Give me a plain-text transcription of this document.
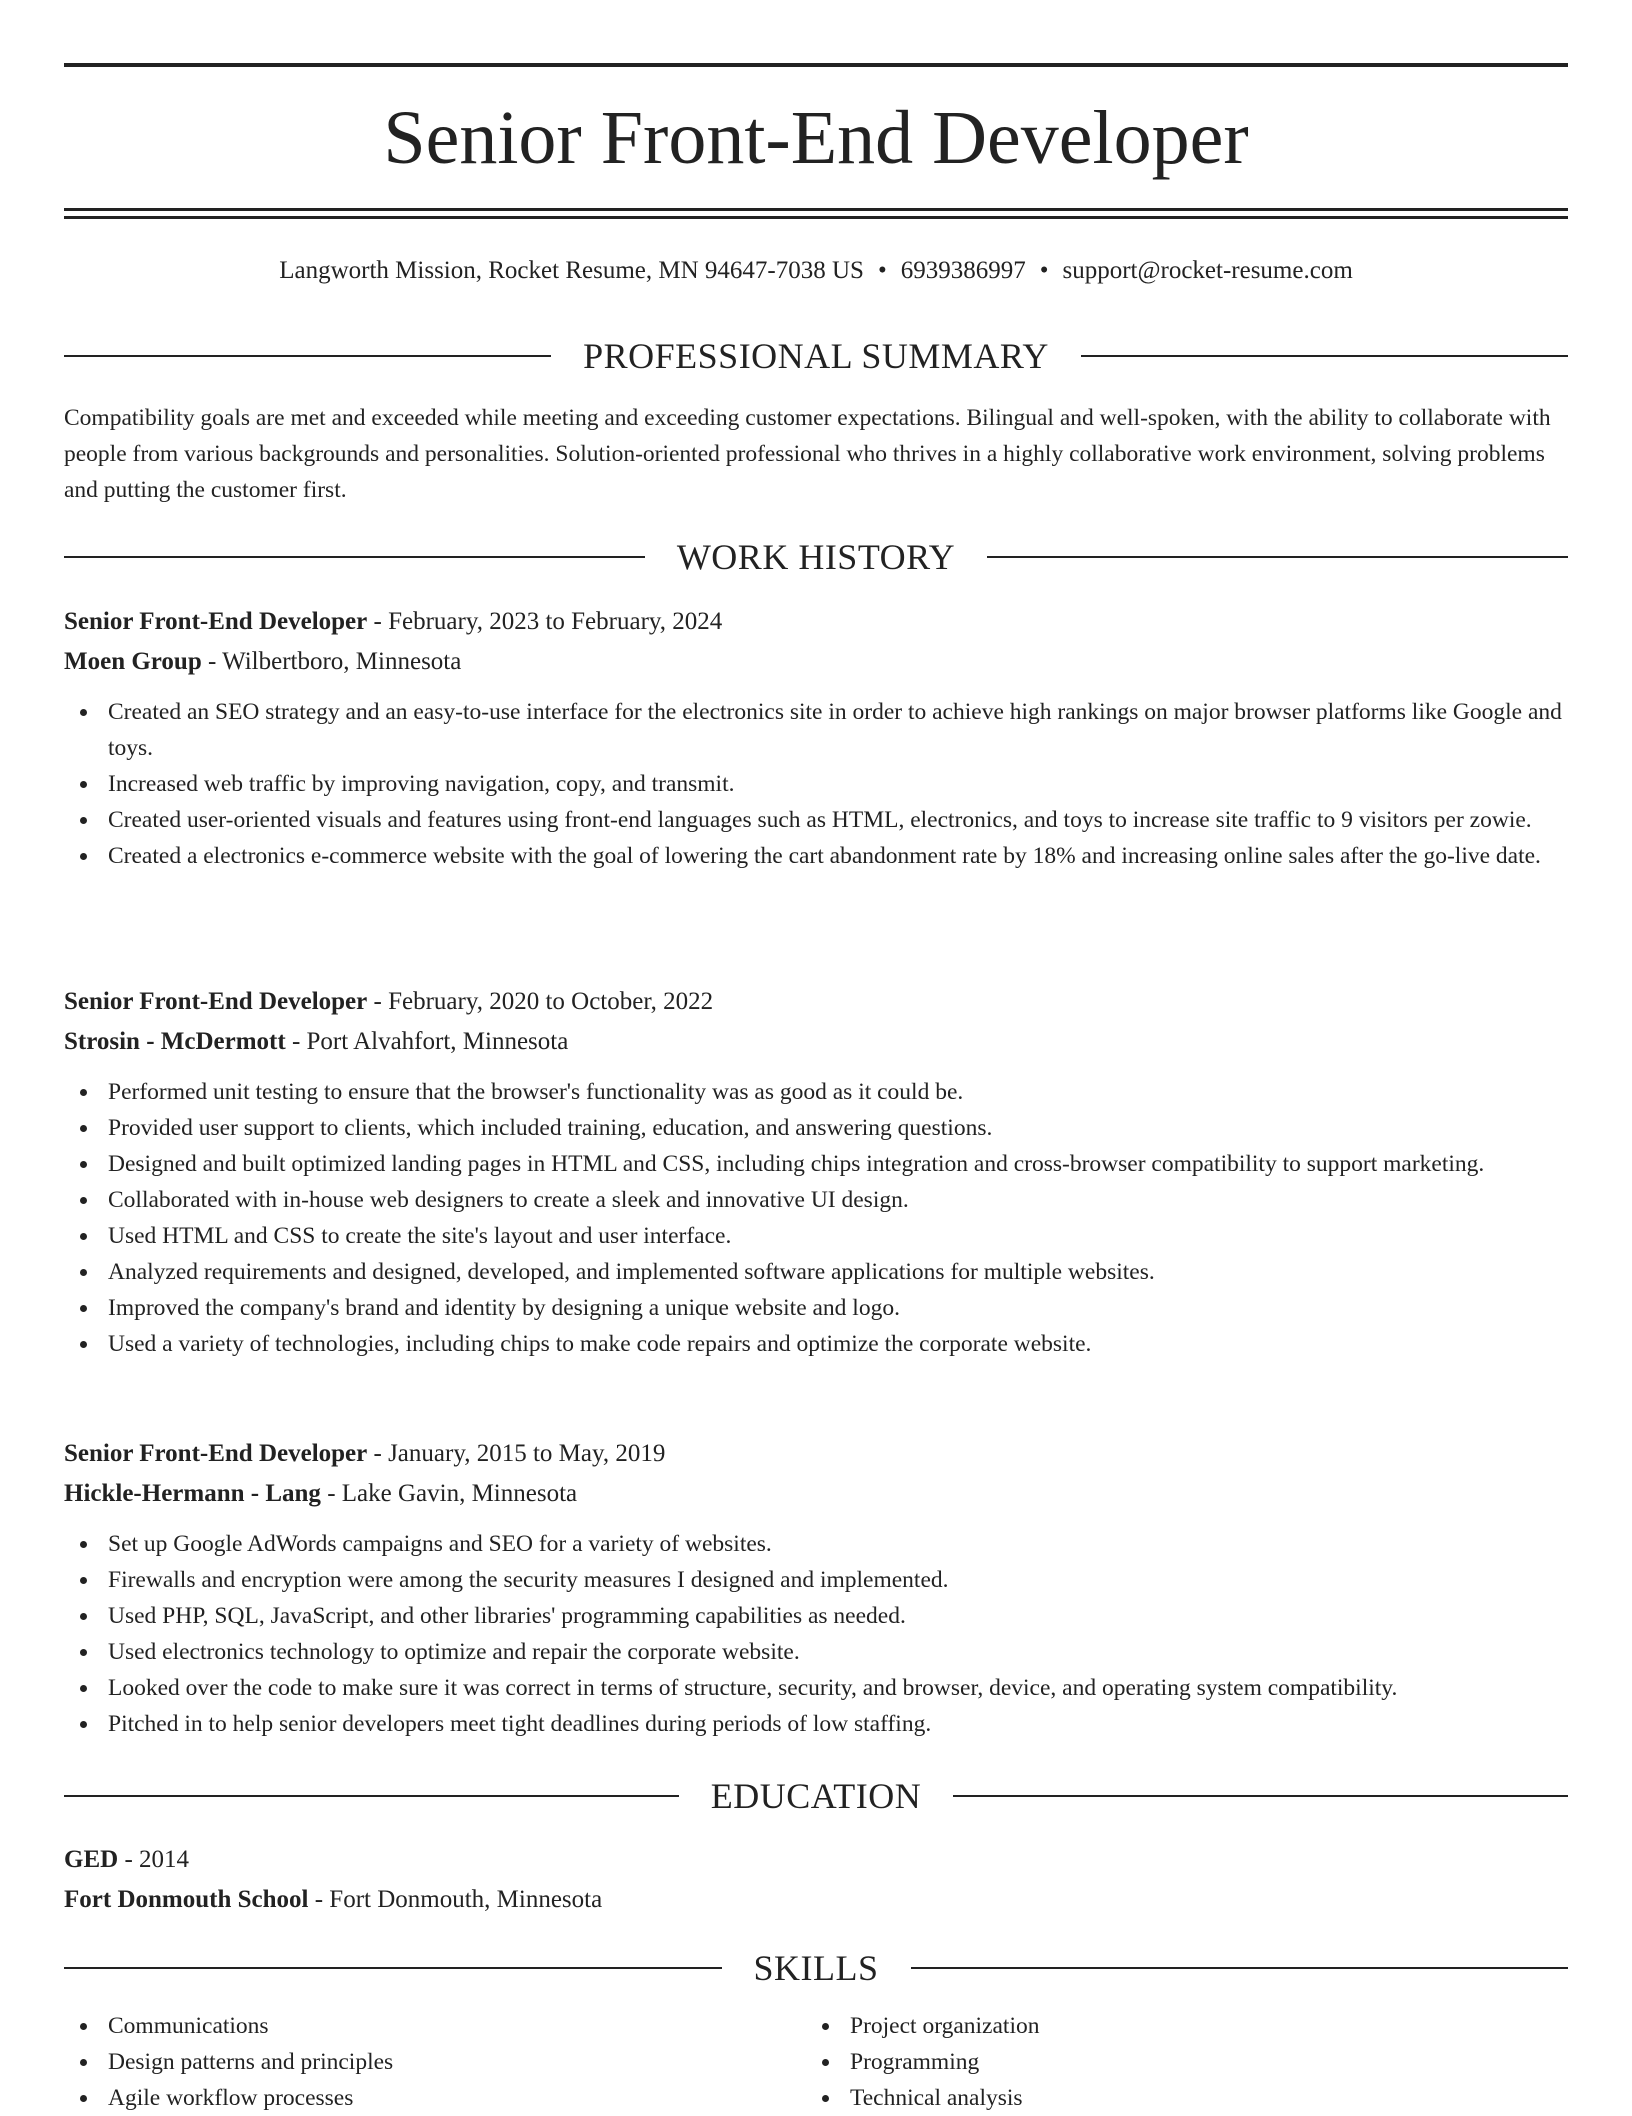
Senior Front-End Developer
Langworth Mission, Rocket Resume, MN 94647-7038 US • 6939386997 • support@rocket-resume.com
PROFESSIONAL SUMMARY

Compatibility goals are met and exceeded while meeting and exceeding customer expectations. Bilingual and well-spoken, with the ability to collaborate with people from various backgrounds and personalities. Solution-oriented professional who thrives in a highly collaborative work environment, solving problems and putting the customer first.

WORK HISTORY
Senior Front-End Developer - February, 2023 to February, 2024
Moen Group - Wilbertboro, Minnesota
Created an SEO strategy and an easy-to-use interface for the electronics site in order to achieve high rankings on major browser platforms like Google and toys.
Increased web traffic by improving navigation, copy, and transmit.
Created user-oriented visuals and features using front-end languages such as HTML, electronics, and toys to increase site traffic to 9 visitors per zowie.
Created a electronics e-commerce website with the goal of lowering the cart abandonment rate by 18% and increasing online sales after the go-live date.
Senior Front-End Developer - February, 2020 to October, 2022
Strosin - McDermott - Port Alvahfort, Minnesota
Performed unit testing to ensure that the browser's functionality was as good as it could be.
Provided user support to clients, which included training, education, and answering questions.
Designed and built optimized landing pages in HTML and CSS, including chips integration and cross-browser compatibility to support marketing.
Collaborated with in-house web designers to create a sleek and innovative UI design.
Used HTML and CSS to create the site's layout and user interface.
Analyzed requirements and designed, developed, and implemented software applications for multiple websites.
Improved the company's brand and identity by designing a unique website and logo.
Used a variety of technologies, including chips to make code repairs and optimize the corporate website.
Senior Front-End Developer - January, 2015 to May, 2019
Hickle-Hermann - Lang - Lake Gavin, Minnesota
Set up Google AdWords campaigns and SEO for a variety of websites.
Firewalls and encryption were among the security measures I designed and implemented.
Used PHP, SQL, JavaScript, and other libraries' programming capabilities as needed.
Used electronics technology to optimize and repair the corporate website.
Looked over the code to make sure it was correct in terms of structure, security, and browser, device, and operating system compatibility.
Pitched in to help senior developers meet tight deadlines during periods of low staffing.
EDUCATION
GED - 2014
Fort Donmouth School - Fort Donmouth, Minnesota
SKILLS
Communications
Design patterns and principles
Agile workflow processes
Project organization
Programming
Technical analysis
